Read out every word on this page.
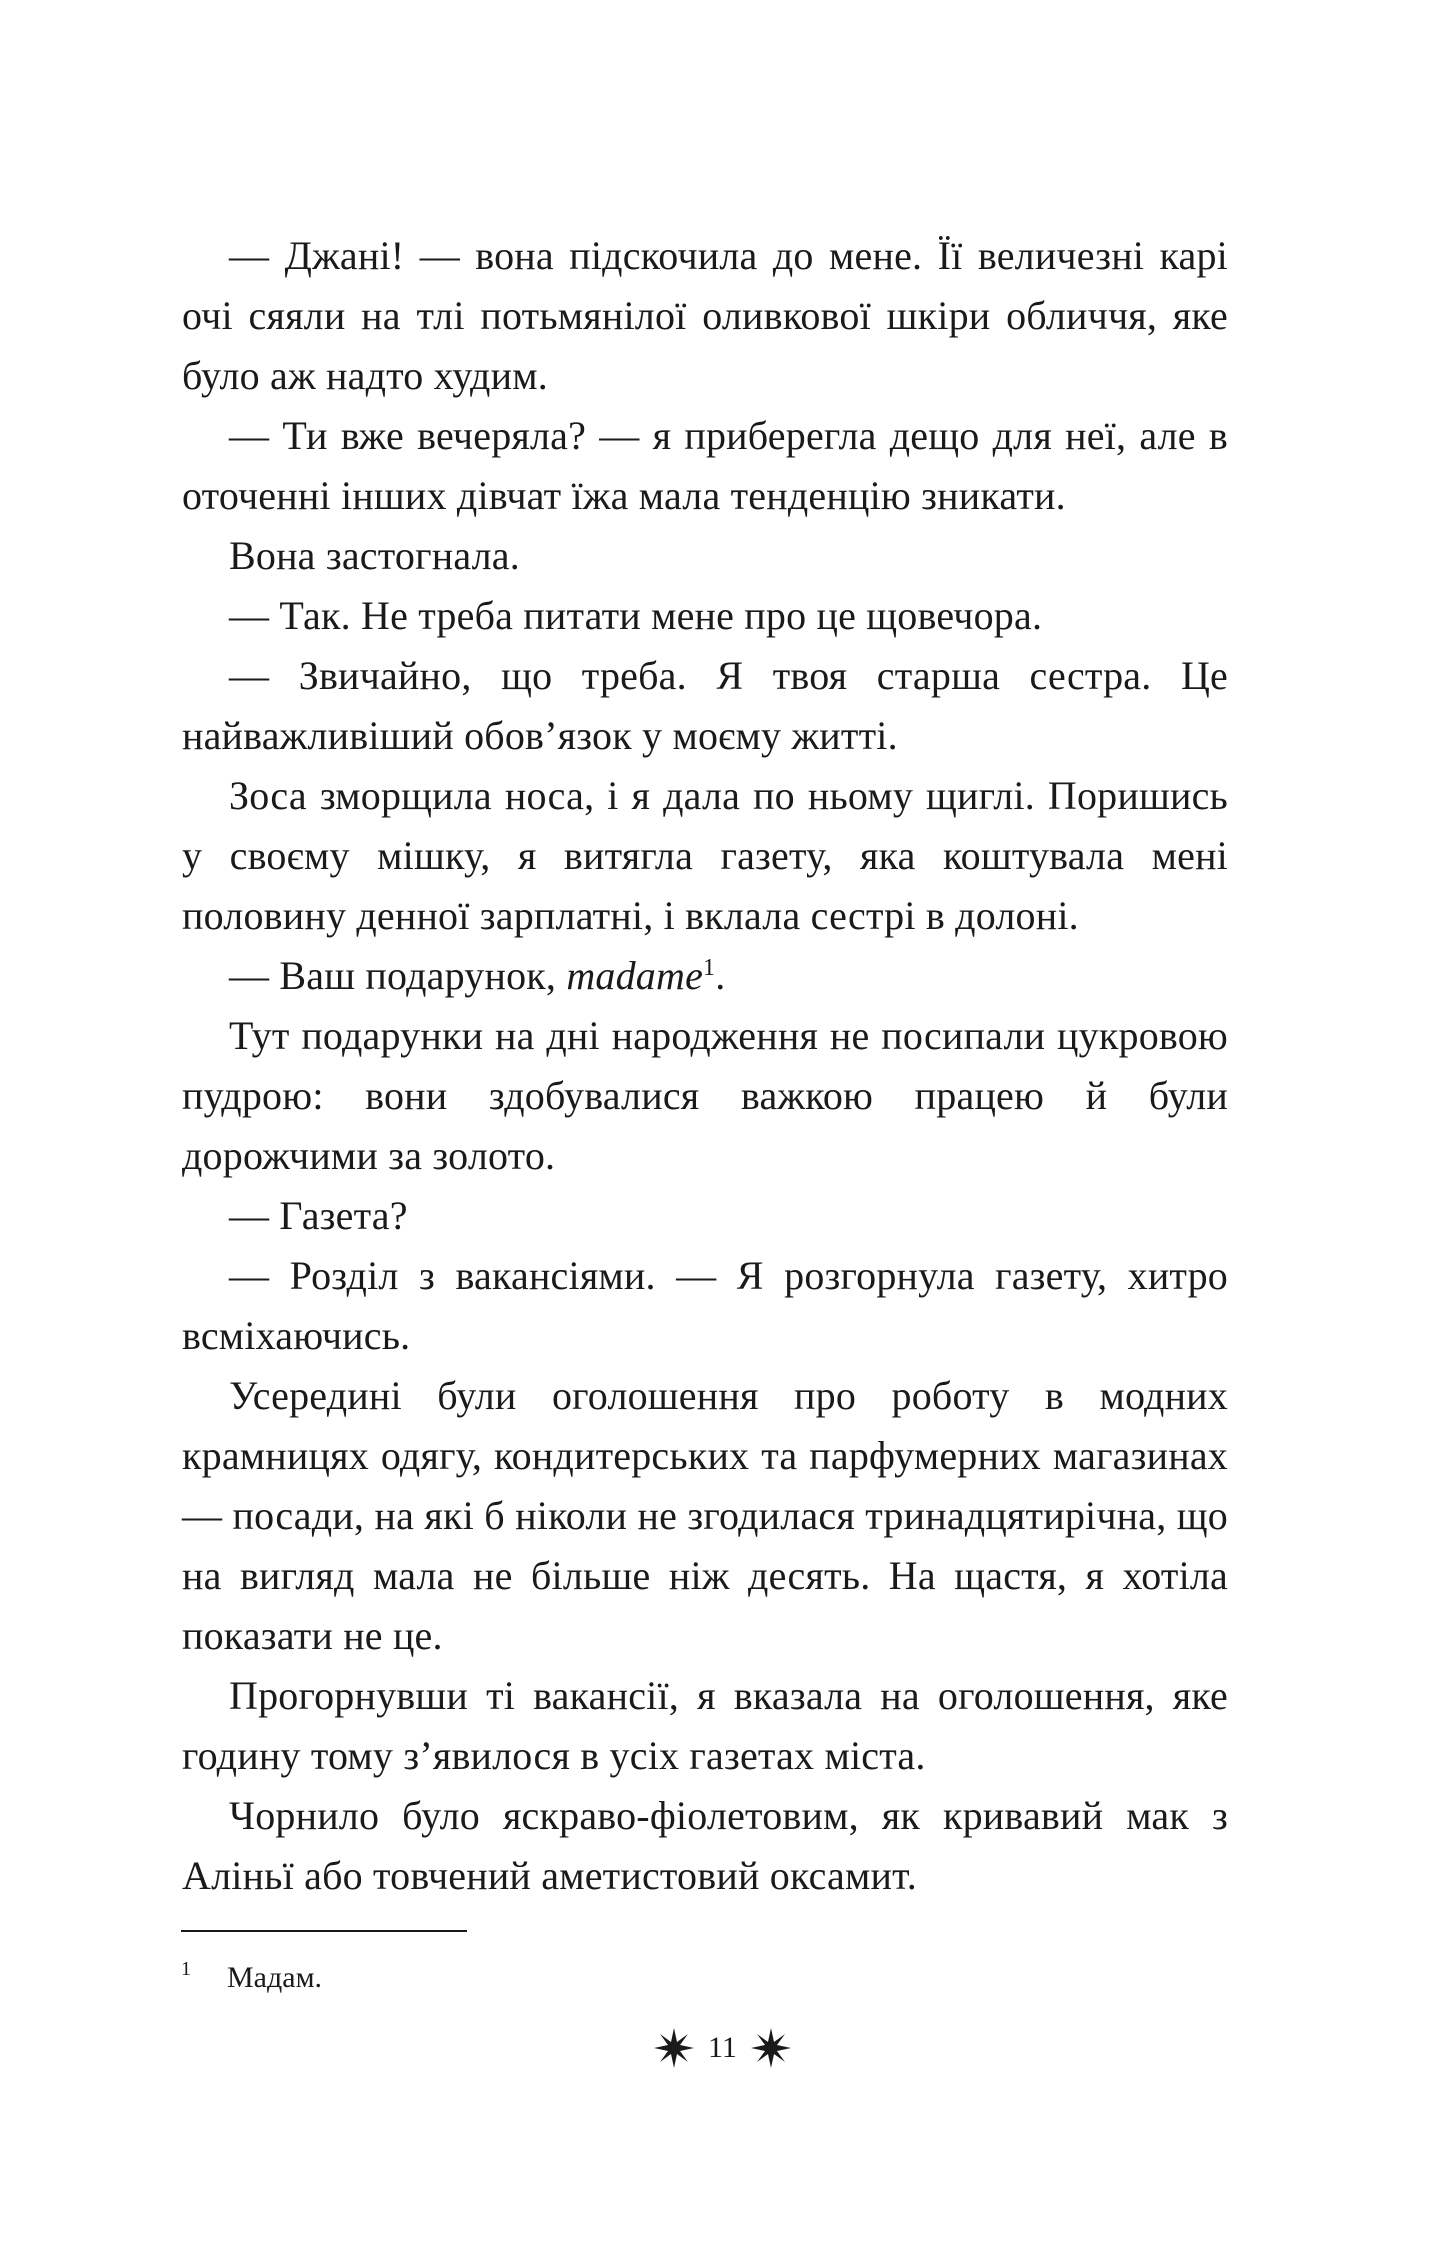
— Джані! — вона підскочила до мене. Її величезні карі очі сяяли на тлі потьмянілої оливкової шкіри обличчя, яке було аж надто худим.

— Ти вже вечеряла? — я приберегла дещо для неї, але в оточенні інших дівчат їжа мала тенденцію зникати.

Вона застогнала.

— Так. Не треба питати мене про це щовечора.

— Звичайно, що треба. Я твоя старша сестра. Це найважливіший обов’язок у моєму житті.

Зоса зморщила носа, і я дала по ньому щиглі. Поришись у своєму мішку, я витягла газету, яка коштувала мені половину денної зарплатні, і вклала сестрі в долоні.

— Ваш подарунок, madame$^1$.

Тут подарунки на дні народження не посипали цукровою пудрою: вони здобувалися важкою працею й були дорожчими за золото.

— Газета?

— Розділ з вакансіями. — Я розгорнула газету, хитро всміхаючись.

Усередині були оголошення про роботу в модних крамницях одягу, кондитерських та парфумерних магазинах — посади, на які б ніколи не згодилася тринадцятирічна, що на вигляд мала не більше ніж десять. На щастя, я хотіла показати не це.

Прогорнувши ті вакансії, я вказала на оголошення, яке годину тому з’явилося в усіх газетах міста.

Чорнило було яскраво-фіолетовим, як кривавий мак з Аліньї або товчений аметистовий оксамит.

1 Мадам.
11
